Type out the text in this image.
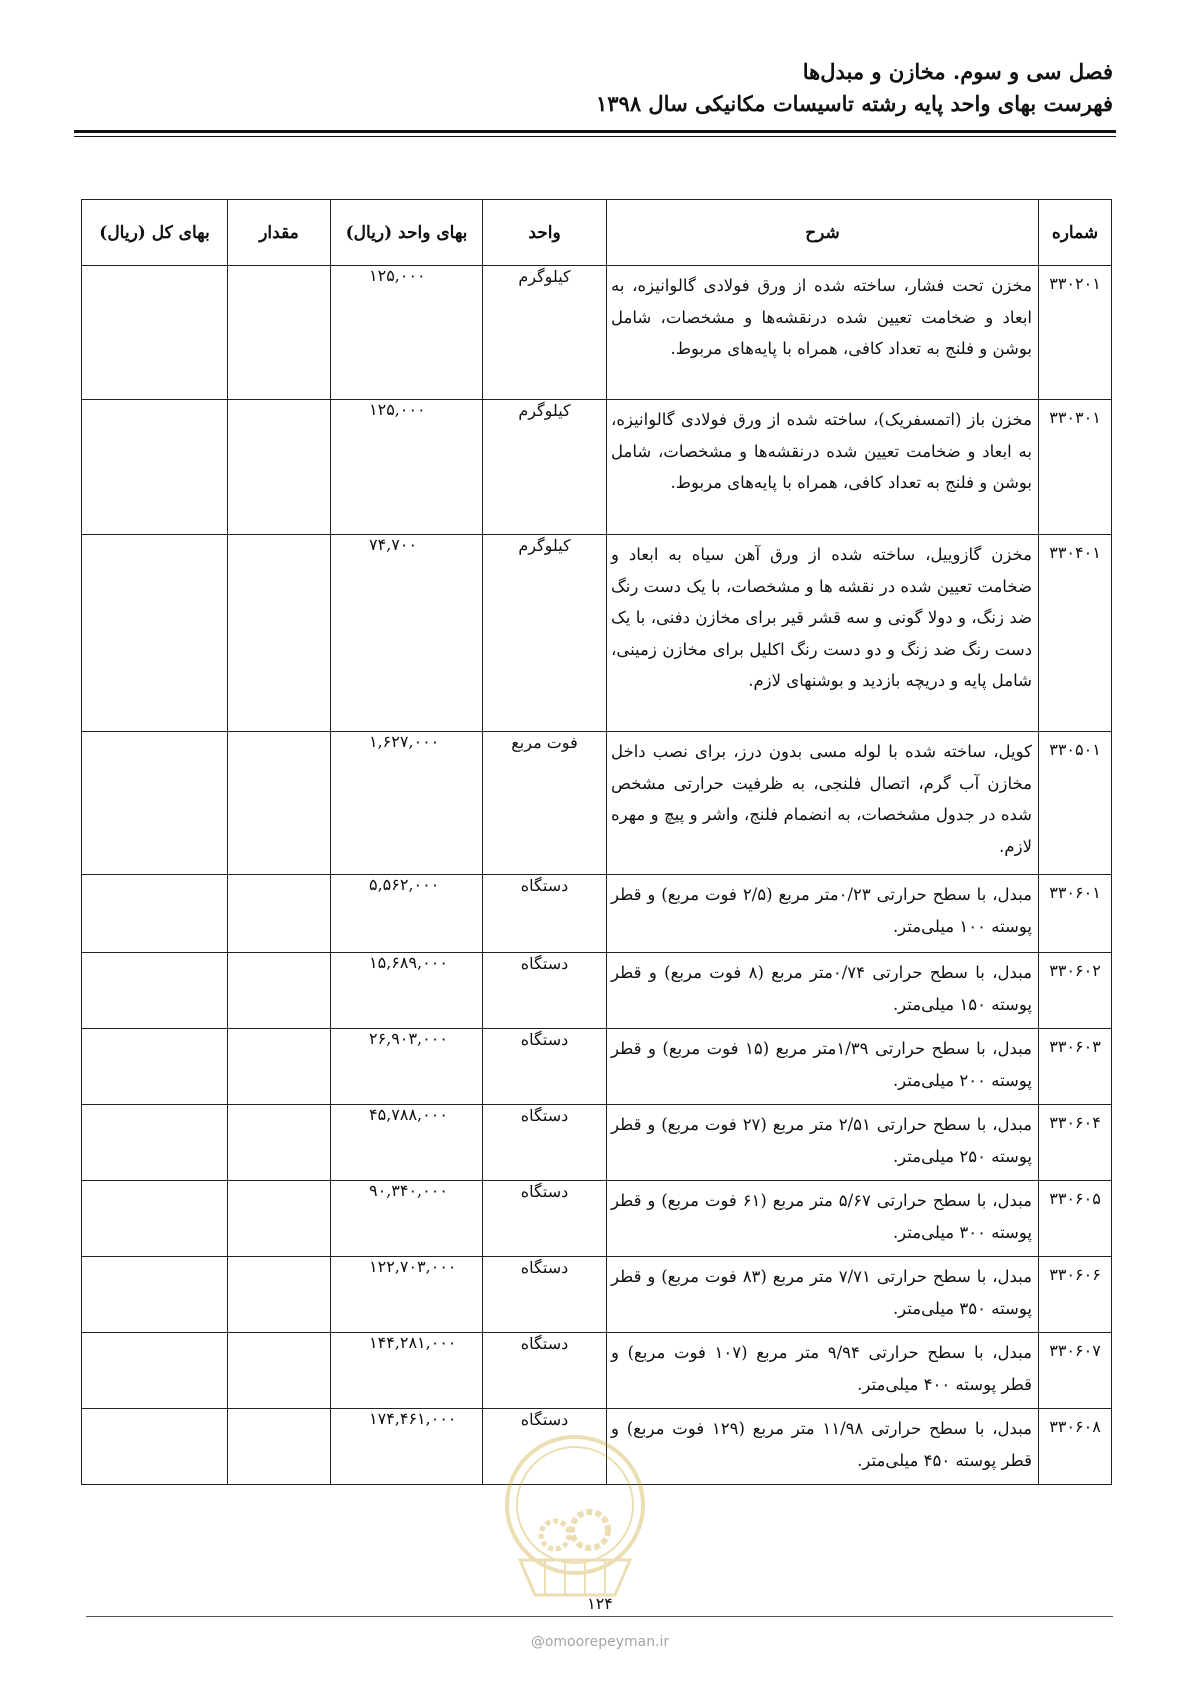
فصل سی و سوم. مخازن و مبدل‌ها
فهرست بهای واحد پایه رشته تاسیسات مکانیکی سال ۱۳۹۸
شماره	شرح	واحد	بهای واحد (ریال)	مقدار	بهای کل (ریال)
۳۳۰۲۰۱	مخزن تحت فشار، ساخته شده از ورق فولادی گالوانیزه، به ابعاد و ضخامت تعیین شده درنقشه‌ها و مشخصات، شامل بوشن و فلنج به تعداد کافی، همراه با پایه‌های مربوط.	کیلوگرم	۱۲۵,۰۰۰		
۳۳۰۳۰۱	مخزن باز (اتمسفریک)، ساخته شده از ورق فولادی گالوانیزه، به ابعاد و ضخامت تعیین شده درنقشه‌ها و مشخصات، شامل بوشن و فلنج به تعداد کافی، همراه با پایه‌های مربوط.	کیلوگرم	۱۲۵,۰۰۰		
۳۳۰۴۰۱	مخزن گازوییل، ساخته شده از ورق آهن سیاه به ابعاد و ضخامت تعیین شده در نقشه ها و مشخصات، با یک دست رنگ ضد زنگ، و دولا گونی و سه قشر قیر برای مخازن دفنی، با یک دست رنگ ضد زنگ و دو دست رنگ اکلیل برای مخازن زمینی، شامل پایه و دریچه بازدید و بوشنهای لازم.	کیلوگرم	۷۴,۷۰۰		
۳۳۰۵۰۱	کویل، ساخته شده با لوله مسی بدون درز، برای نصب داخل مخازن آب گرم، اتصال فلنجی، به ظرفیت حرارتی مشخص شده در جدول مشخصات، به انضمام فلنج، واشر و پیچ و مهره لازم.	فوت مربع	۱,۶۲۷,۰۰۰		
۳۳۰۶۰۱	مبدل، با سطح حرارتی ۰/۲۳متر مربع (۲/۵ فوت مربع) و قطر پوسته ۱۰۰ میلی‌متر.	دستگاه	۵,۵۶۲,۰۰۰		
۳۳۰۶۰۲	مبدل، با سطح حرارتی ۰/۷۴متر مربع (۸ فوت مربع) و قطر پوسته ۱۵۰ میلی‌متر.	دستگاه	۱۵,۶۸۹,۰۰۰		
۳۳۰۶۰۳	مبدل، با سطح حرارتی ۱/۳۹متر مربع (۱۵ فوت مربع) و قطر پوسته ۲۰۰ میلی‌متر.	دستگاه	۲۶,۹۰۳,۰۰۰		
۳۳۰۶۰۴	مبدل، با سطح حرارتی ۲/۵۱ متر مربع (۲۷ فوت مربع) و قطر پوسته ۲۵۰ میلی‌متر.	دستگاه	۴۵,۷۸۸,۰۰۰		
۳۳۰۶۰۵	مبدل، با سطح حرارتی ۵/۶۷ متر مربع (۶۱ فوت مربع) و قطر پوسته ۳۰۰ میلی‌متر.	دستگاه	۹۰,۳۴۰,۰۰۰		
۳۳۰۶۰۶	مبدل، با سطح حرارتی ۷/۷۱ متر مربع (۸۳ فوت مربع) و قطر پوسته ۳۵۰ میلی‌متر.	دستگاه	۱۲۲,۷۰۳,۰۰۰		
۳۳۰۶۰۷	مبدل، با سطح حرارتی ۹/۹۴ متر مربع (۱۰۷ فوت مربع) و قطر پوسته ۴۰۰ میلی‌متر.	دستگاه	۱۴۴,۲۸۱,۰۰۰		
۳۳۰۶۰۸	مبدل، با سطح حرارتی ۱۱/۹۸ متر مربع (۱۲۹ فوت مربع) و قطر پوسته ۴۵۰ میلی‌متر.	دستگاه	۱۷۴,۴۶۱,۰۰۰		
۱۲۴
@omoorepeyman.ir
